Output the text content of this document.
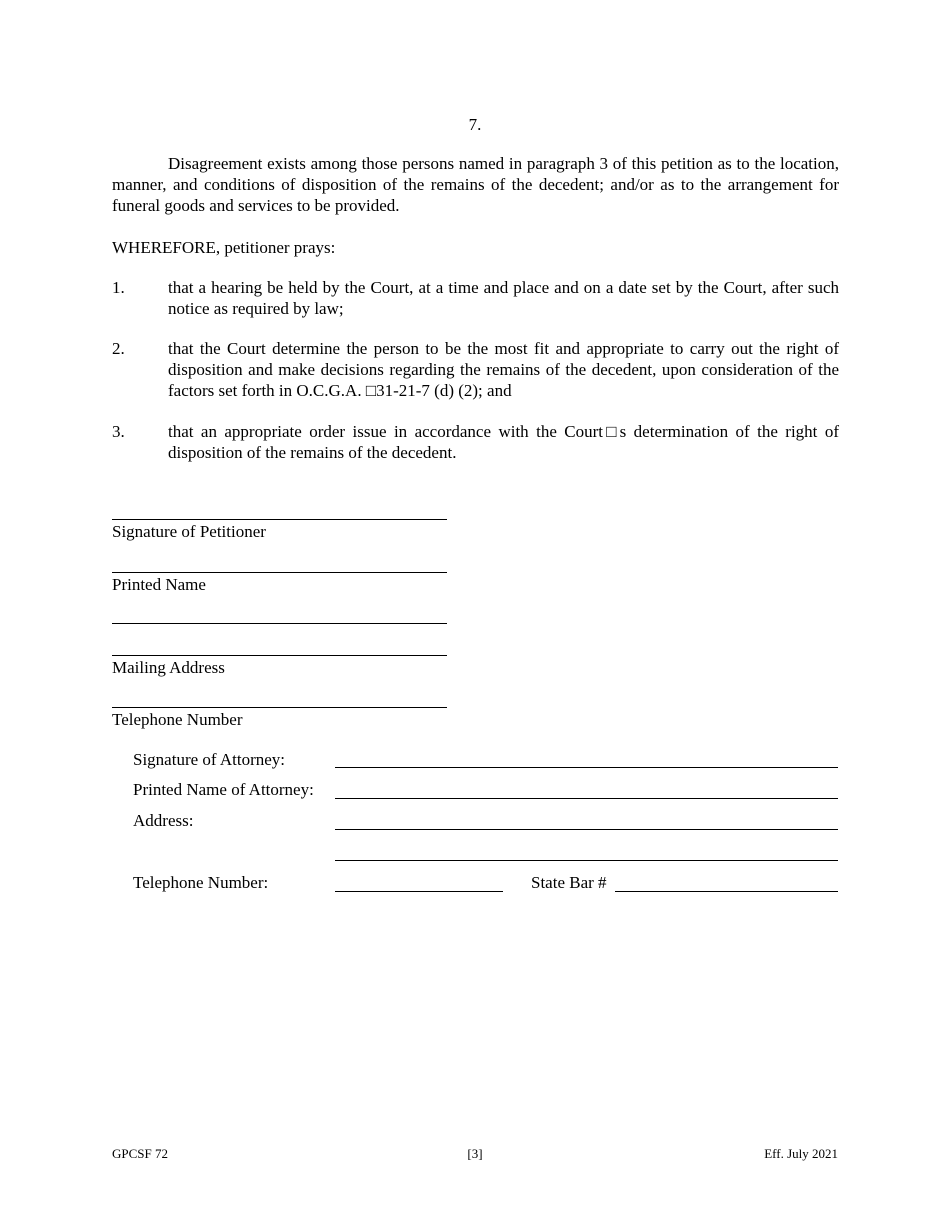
7.
Disagreement exists among those persons named in paragraph 3 of this petition as to the location, manner, and conditions of disposition of the remains of the decedent; and/or as to the arrangement for funeral goods and services to be provided.
WHEREFORE, petitioner prays:
1.	that a hearing be held by the Court, at a time and place and on a date set by the Court, after such notice as required by law;
2.	that the Court determine the person to be the most fit and appropriate to carry out the right of disposition and make decisions regarding the remains of the decedent, upon consideration of the factors set forth in O.C.G.A. □31-21-7 (d) (2); and
3.	that an appropriate order issue in accordance with the Court□s determination of the right of disposition of the remains of the decedent.
Signature of Petitioner
Printed Name
Mailing Address
Telephone Number
Signature of Attorney:
Printed Name of Attorney:
Address:
Telephone Number:	State Bar #
GPCSF 72	[3]	Eff. July 2021
